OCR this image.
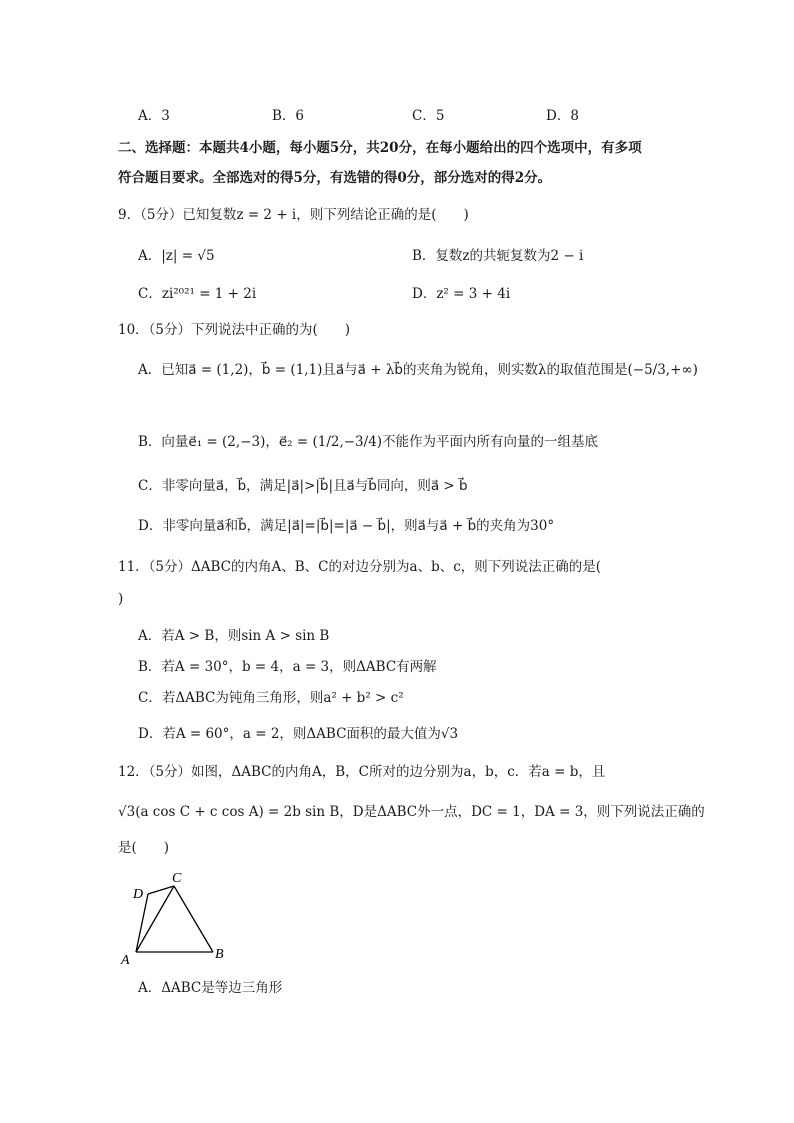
A．3	B．6	C．5	D．8
二、选择题：本题共4小题，每小题5分，共20分，在每小题给出的四个选项中，有多项
符合题目要求。全部选对的得5分，有选错的得0分，部分选对的得2分。
9．（5分）已知复数z = 2 + i，则下列结论正确的是(　　)
A．|z| = √5	B．复数z的共轭复数为2 − i
C．zi²⁰²¹ = 1 + 2i	D．z² = 3 + 4i
10．（5分）下列说法中正确的为(　　)
A．已知a⃗ = (1,2)，b⃗ = (1,1)且a⃗与a⃗ + λb⃗的夹角为锐角，则实数λ的取值范围是(−5/3,+∞)
B．向量e⃗₁ = (2,−3)，e⃗₂ = (1/2,−3/4)不能作为平面内所有向量的一组基底
C．非零向量a⃗，b⃗，满足|a⃗|>|b⃗|且a⃗与b⃗同向，则a⃗ > b⃗
D．非零向量a⃗和b⃗，满足|a⃗|=|b⃗|=|a⃗ − b⃗|，则a⃗与a⃗ + b⃗的夹角为30°
11．（5分）ΔABC的内角A、B、C的对边分别为a、b、c，则下列说法正确的是(
)
A．若A > B，则sin A > sin B
B．若A = 30°，b = 4，a = 3，则ΔABC有两解
C．若ΔABC为钝角三角形，则a² + b² > c²
D．若A = 60°，a = 2，则ΔABC面积的最大值为√3
12．（5分）如图，ΔABC的内角A，B，C所对的边分别为a，b，c．若a = b，且
√3(a cos C + c cos A) = 2b sin B，D是ΔABC外一点，DC = 1，DA = 3，则下列说法正确的
是(　　)
A	B
C
D
A．ΔABC是等边三角形
